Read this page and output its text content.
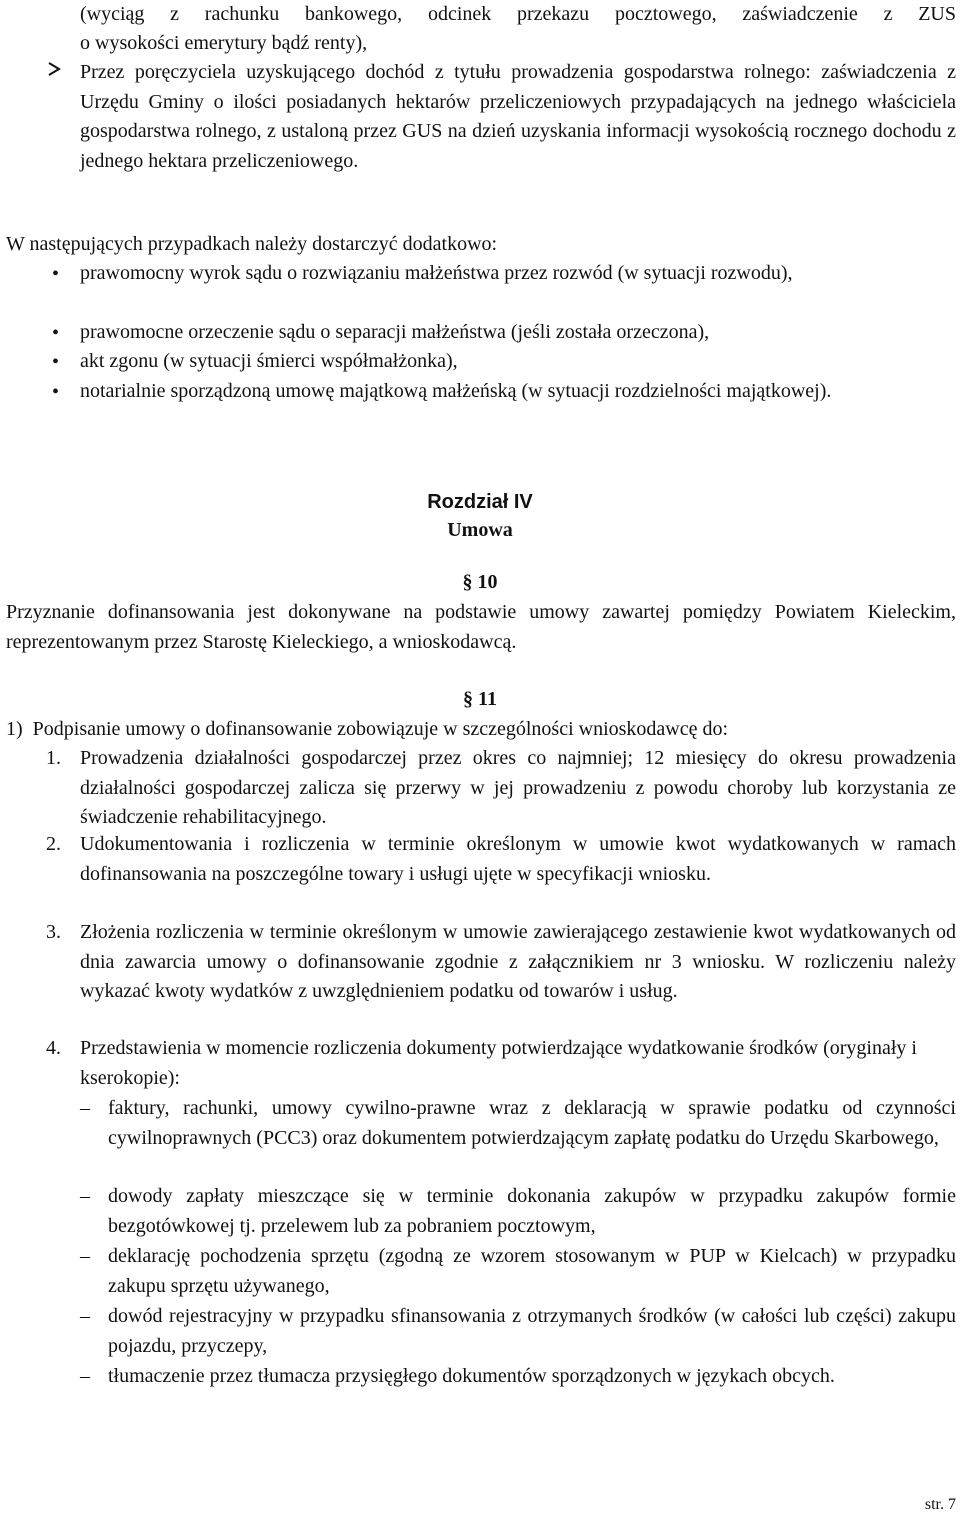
(wyciąg z rachunku bankowego, odcinek przekazu pocztowego, zaświadczenie z ZUS
o wysokości emerytury bądź renty),
Przez poręczyciela uzyskującego dochód z tytułu prowadzenia gospodarstwa rolnego: zaświadczenia z Urzędu Gminy o ilości posiadanych hektarów przeliczeniowych przypadających na jednego właściciela gospodarstwa rolnego, z ustaloną przez GUS na dzień uzyskania informacji wysokością rocznego dochodu z jednego hektara przeliczeniowego.
W następujących przypadkach należy dostarczyć dodatkowo:
• prawomocny wyrok sądu o rozwiązaniu małżeństwa przez rozwód (w sytuacji rozwodu),
• prawomocne orzeczenie sądu o separacji małżeństwa (jeśli została orzeczona),
• akt zgonu (w sytuacji śmierci współmałżonka),
• notarialnie sporządzoną umowę majątkową małżeńską (w sytuacji rozdzielności majątkowej).
Rozdział IV
Umowa
§ 10
Przyznanie dofinansowania jest dokonywane na podstawie umowy zawartej pomiędzy Powiatem Kieleckim, reprezentowanym przez Starostę Kieleckiego, a wnioskodawcą.
§ 11
1)  Podpisanie umowy o dofinansowanie zobowiązuje w szczególności wnioskodawcę do:
1. Prowadzenia działalności gospodarczej przez okres co najmniej; 12 miesięcy do okresu prowadzenia działalności gospodarczej zalicza się przerwy w jej prowadzeniu z powodu choroby lub korzystania ze świadczenie rehabilitacyjnego.
2. Udokumentowania i rozliczenia w terminie określonym w umowie kwot wydatkowanych w ramach dofinansowania na poszczególne towary i usługi ujęte w specyfikacji wniosku.
3. Złożenia rozliczenia w terminie określonym w umowie zawierającego zestawienie kwot wydatkowanych od dnia zawarcia umowy o dofinansowanie zgodnie z załącznikiem nr 3 wniosku. W rozliczeniu należy wykazać kwoty wydatków z uwzględnieniem podatku od towarów i usług.
4. Przedstawienia w momencie rozliczenia dokumenty potwierdzające wydatkowanie środków (oryginały i kserokopie):
– faktury, rachunki, umowy cywilno-prawne wraz z deklaracją w sprawie podatku od czynności cywilnoprawnych (PCC3) oraz dokumentem potwierdzającym zapłatę podatku do Urzędu Skarbowego,
– dowody zapłaty mieszczące się w terminie dokonania zakupów w przypadku zakupów formie bezgotówkowej tj. przelewem lub za pobraniem pocztowym,
– deklarację pochodzenia sprzętu (zgodną ze wzorem stosowanym w PUP w Kielcach) w przypadku zakupu sprzętu używanego,
– dowód rejestracyjny w przypadku sfinansowania z otrzymanych środków (w całości lub części) zakupu pojazdu, przyczepy,
– tłumaczenie przez tłumacza przysięgłego dokumentów sporządzonych w językach obcych.
str. 7
